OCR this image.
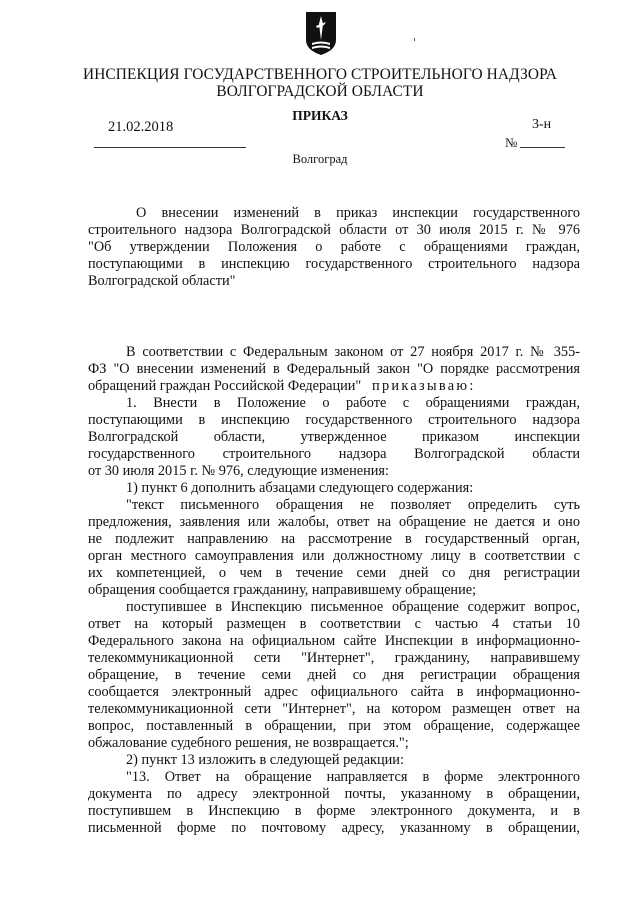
ИНСПЕКЦИЯ ГОСУДАРСТВЕННОГО СТРОИТЕЛЬНОГО НАДЗОРА
ВОЛГОГРАДСКОЙ ОБЛАСТИ
ПРИКАЗ
21.02.2018	3-н
№
Волгоград
О внесении изменений в приказ инспекции государственного
строительного надзора Волгоградской области от 30 июля 2015 г. № 976
"Об утверждении Положения о работе с обращениями граждан,
поступающими в инспекцию государственного строительного надзора
Волгоградской области"
В соответствии с Федеральным законом от 27 ноября 2017 г. № 355-
ФЗ "О внесении изменений в Федеральный закон "О порядке рассмотрения
обращений граждан Российской Федерации" приказываю:
1. Внести в Положение о работе с обращениями граждан,
поступающими в инспекцию государственного строительного надзора
Волгоградской области, утвержденное приказом инспекции
государственного строительного надзора Волгоградской области
от 30 июля 2015 г. № 976, следующие изменения:
1) пункт 6 дополнить абзацами следующего содержания:
"текст письменного обращения не позволяет определить суть
предложения, заявления или жалобы, ответ на обращение не дается и оно
не подлежит направлению на рассмотрение в государственный орган,
орган местного самоуправления или должностному лицу в соответствии с
их компетенцией, о чем в течение семи дней со дня регистрации
обращения сообщается гражданину, направившему обращение;
поступившее в Инспекцию письменное обращение содержит вопрос,
ответ на который размещен в соответствии с частью 4 статьи 10
Федерального закона на официальном сайте Инспекции в информационно-
телекоммуникационной сети "Интернет", гражданину, направившему
обращение, в течение семи дней со дня регистрации обращения
сообщается электронный адрес официального сайта в информационно-
телекоммуникационной сети "Интернет", на котором размещен ответ на
вопрос, поставленный в обращении, при этом обращение, содержащее
обжалование судебного решения, не возвращается.";
2) пункт 13 изложить в следующей редакции:
"13. Ответ на обращение направляется в форме электронного
документа по адресу электронной почты, указанному в обращении,
поступившем в Инспекцию в форме электронного документа, и в
письменной форме по почтовому адресу, указанному в обращении,
